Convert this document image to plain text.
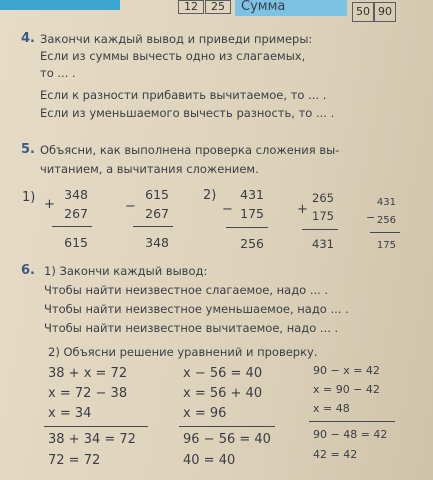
12	25	Сумма	50 90
4. Закончи каждый вывод и приведи примеры:
Если из суммы вычесть одно из слагаемых,
то ... .
Если к разности прибавить вычитаемое, то ... .
Если из уменьшаемого вычесть разность, то ... .
5. Объясни, как выполнена проверка сложения вы-
читанием, а вычитания сложением.
1) +
348
267
615
−
615
267
348
2)
−
431
175
256
+
265
175
431
−
431
256
175
6. 1) Закончи каждый вывод:
Чтобы найти неизвестное слагаемое, надо ... .
Чтобы найти неизвестное уменьшаемое, надо ... .
Чтобы найти неизвестное вычитаемое, надо ... .
2) Объясни решение уравнений и проверку.
38 + x = 72
x = 72 − 38
x = 34
38 + 34 = 72
72 = 72
x − 56 = 40
x = 56 + 40
x = 96
96 − 56 = 40
40 = 40
90 − x = 42
x = 90 − 42
x = 48
90 − 48 = 42
42 = 42
